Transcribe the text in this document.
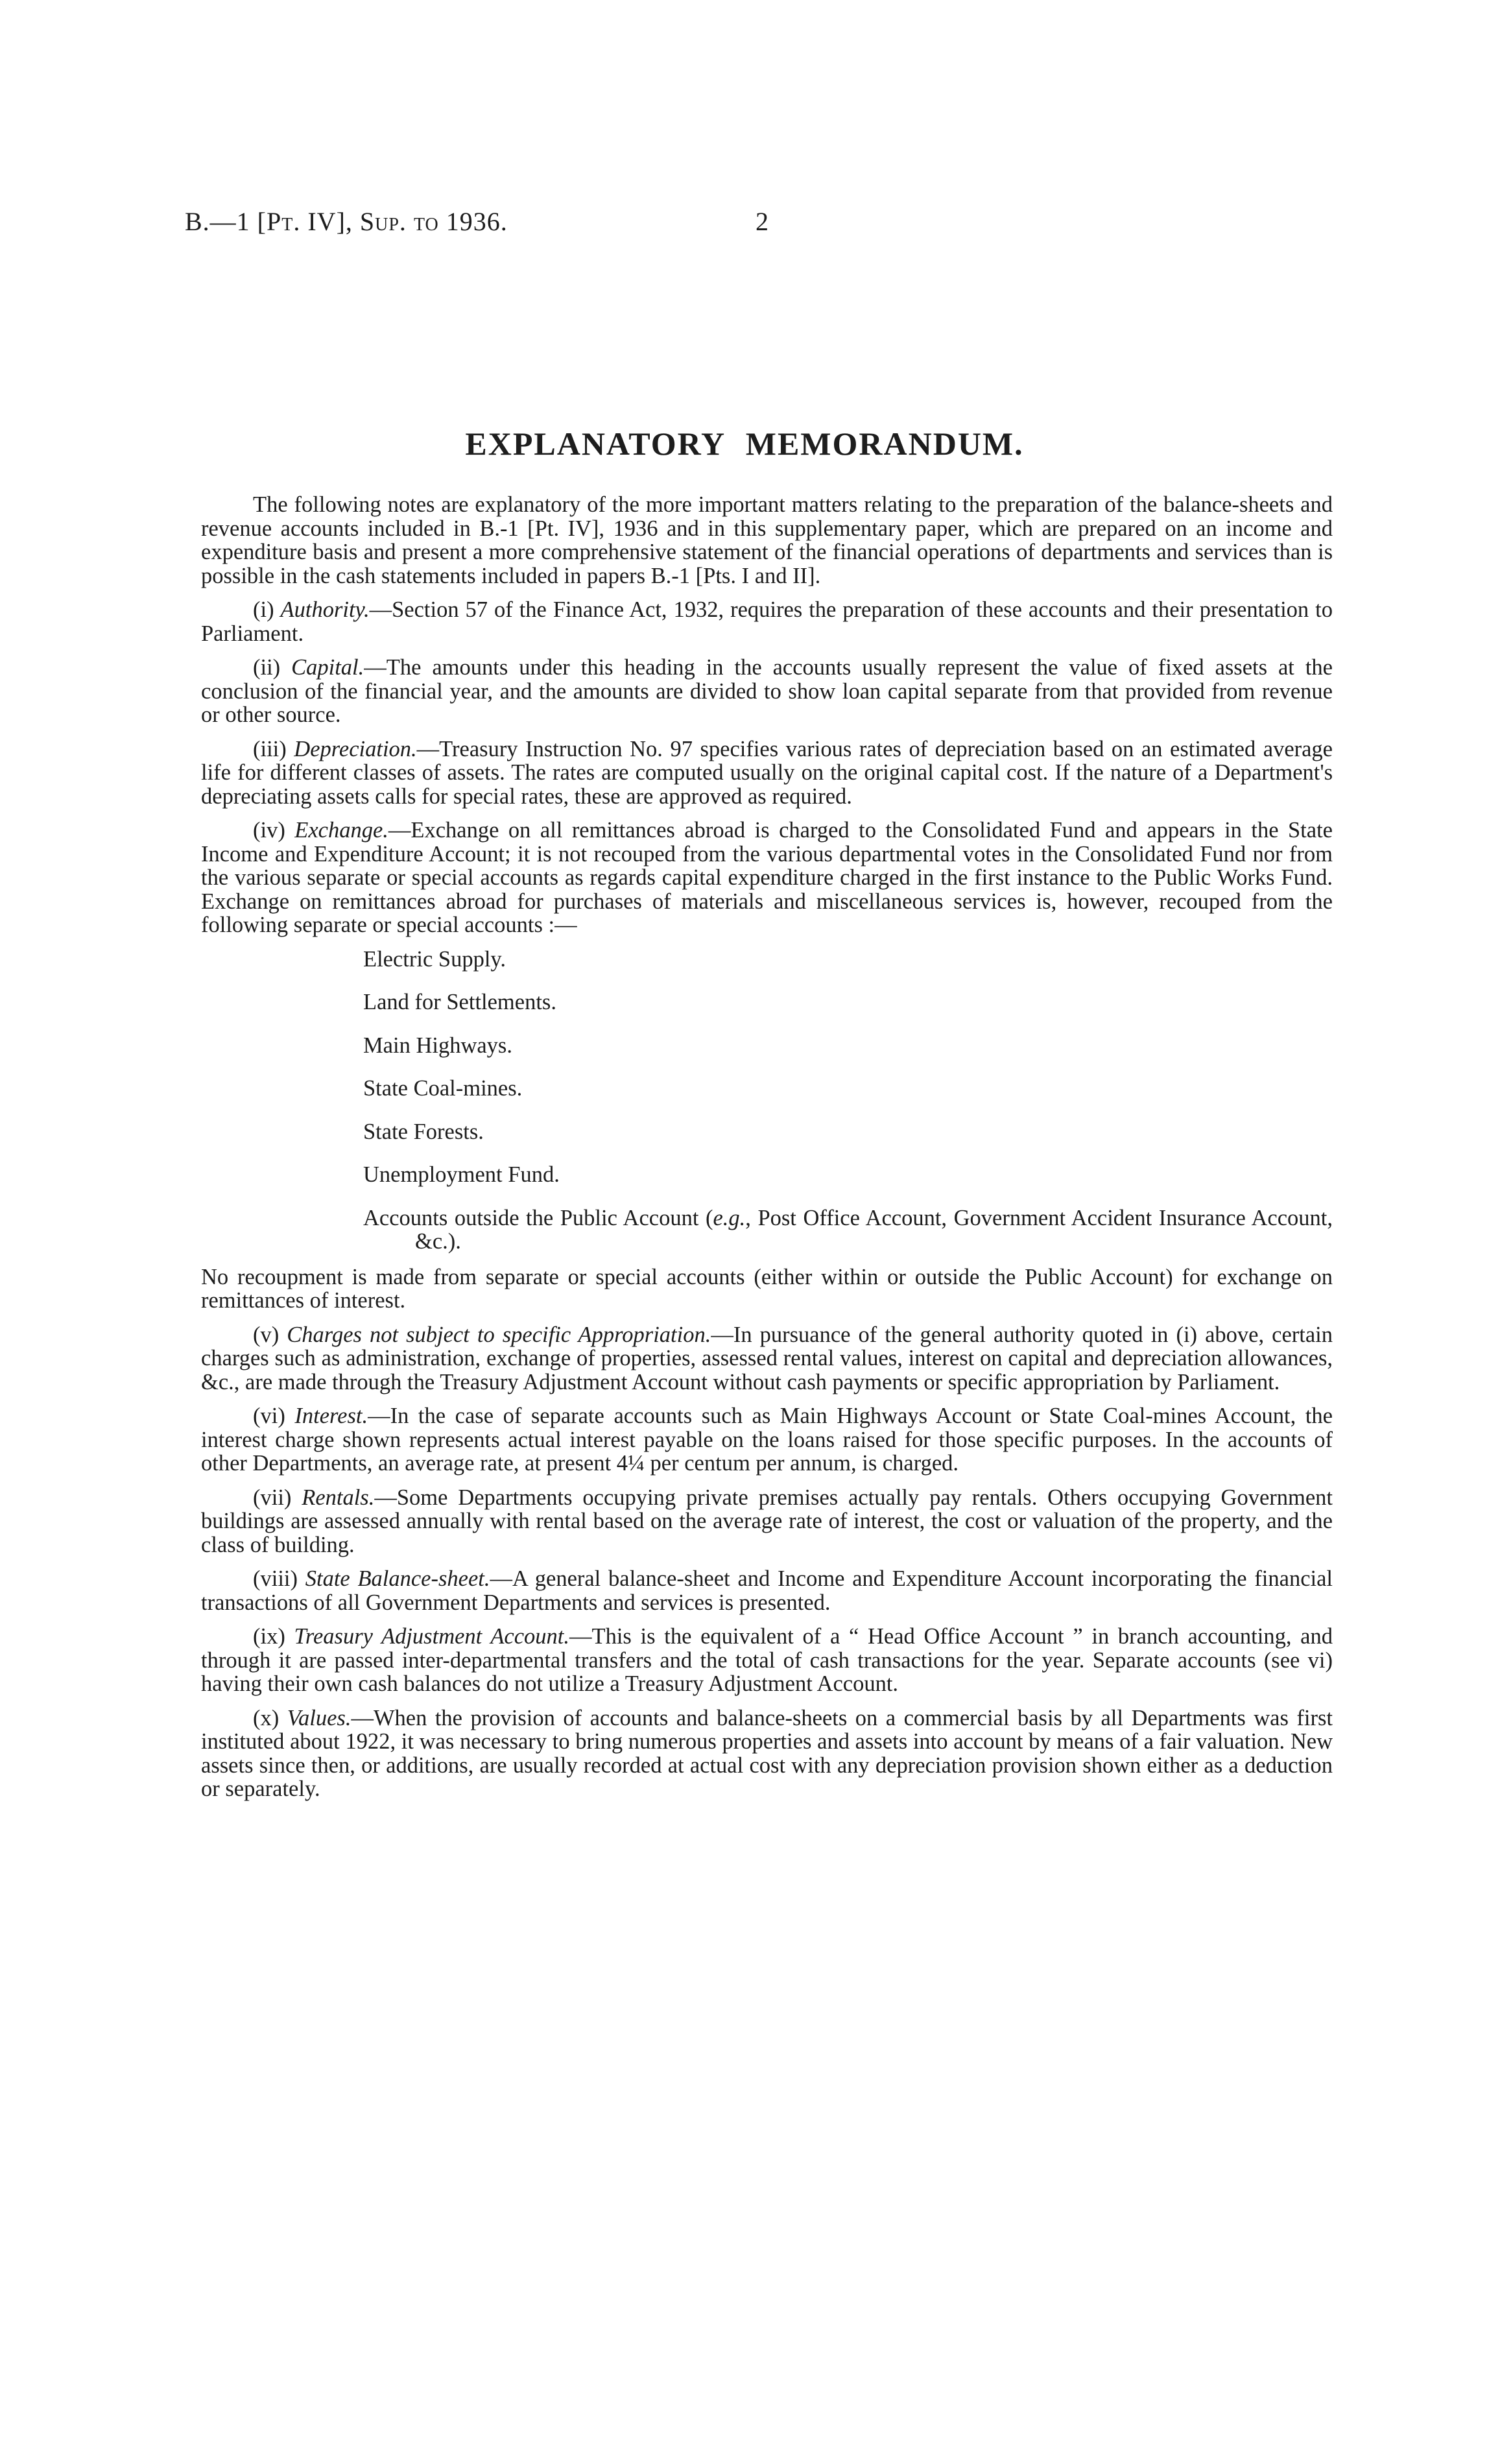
B.—1 [Pt. IV], Sup. to 1936.	2
EXPLANATORY MEMORANDUM.

The following notes are explanatory of the more important matters relating to the preparation of the balance-sheets and revenue accounts included in B.-1 [Pt. IV], 1936 and in this supplementary paper, which are prepared on an income and expenditure basis and present a more comprehensive statement of the financial operations of departments and services than is possible in the cash statements included in papers B.-1 [Pts. I and II].

(i) Authority.—Section 57 of the Finance Act, 1932, requires the preparation of these accounts and their presentation to Parliament.

(ii) Capital.—The amounts under this heading in the accounts usually represent the value of fixed assets at the conclusion of the financial year, and the amounts are divided to show loan capital separate from that provided from revenue or other source.

(iii) Depreciation.—Treasury Instruction No. 97 specifies various rates of depreciation based on an estimated average life for different classes of assets. The rates are computed usually on the original capital cost. If the nature of a Department's depreciating assets calls for special rates, these are approved as required.

(iv) Exchange.—Exchange on all remittances abroad is charged to the Consolidated Fund and appears in the State Income and Expenditure Account; it is not recouped from the various departmental votes in the Consolidated Fund nor from the various separate or special accounts as regards capital expenditure charged in the first instance to the Public Works Fund. Exchange on remittances abroad for purchases of materials and miscellaneous services is, however, recouped from the following separate or special accounts :—

Electric Supply.
Land for Settlements.
Main Highways.
State Coal-mines.
State Forests.
Unemployment Fund.
Accounts outside the Public Account (e.g., Post Office Account, Government Accident Insurance Account, &c.).

No recoupment is made from separate or special accounts (either within or outside the Public Account) for exchange on remittances of interest.

(v) Charges not subject to specific Appropriation.—In pursuance of the general authority quoted in (i) above, certain charges such as administration, exchange of properties, assessed rental values, interest on capital and depreciation allowances, &c., are made through the Treasury Adjustment Account without cash payments or specific appropriation by Parliament.

(vi) Interest.—In the case of separate accounts such as Main Highways Account or State Coal-mines Account, the interest charge shown represents actual interest payable on the loans raised for those specific purposes. In the accounts of other Departments, an average rate, at present 4¼ per centum per annum, is charged.

(vii) Rentals.—Some Departments occupying private premises actually pay rentals. Others occupying Government buildings are assessed annually with rental based on the average rate of interest, the cost or valuation of the property, and the class of building.

(viii) State Balance-sheet.—A general balance-sheet and Income and Expenditure Account incorporating the financial transactions of all Government Departments and services is presented.

(ix) Treasury Adjustment Account.—This is the equivalent of a “ Head Office Account ” in branch accounting, and through it are passed inter-departmental transfers and the total of cash transactions for the year. Separate accounts (see vi) having their own cash balances do not utilize a Treasury Adjustment Account.

(x) Values.—When the provision of accounts and balance-sheets on a commercial basis by all Departments was first instituted about 1922, it was necessary to bring numerous properties and assets into account by means of a fair valuation. New assets since then, or additions, are usually recorded at actual cost with any depreciation provision shown either as a deduction or separately.
